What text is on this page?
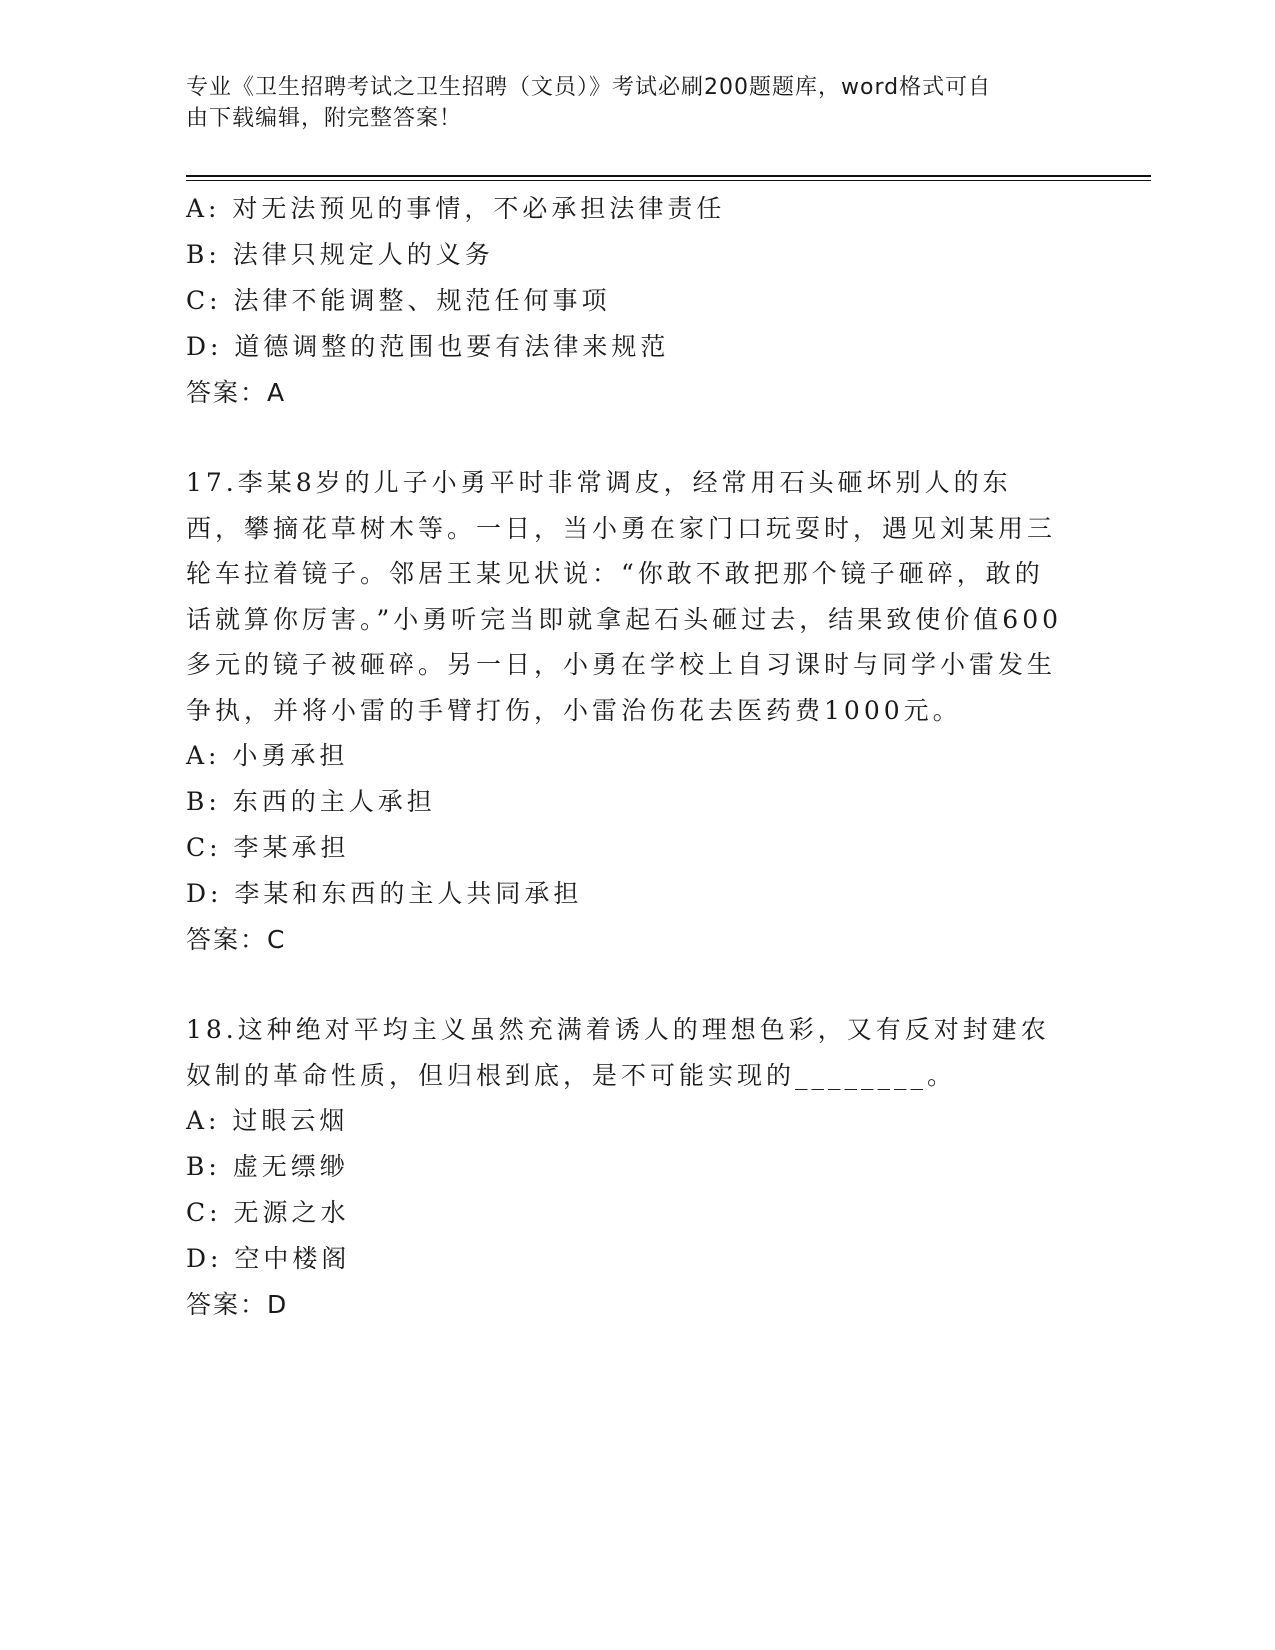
专业《卫生招聘考试之卫生招聘（文员）》考试必刷200题题库，word格式可自
由下载编辑，附完整答案！
A: 对无法预见的事情，不必承担法律责任
B: 法律只规定人的义务
C: 法律不能调整、规范任何事项
D: 道德调整的范围也要有法律来规范
答案：A
17.李某8岁的儿子小勇平时非常调皮，经常用石头砸坏别人的东西，攀摘花草树木等。一日，当小勇在家门口玩耍时，遇见刘某用三轮车拉着镜子。邻居王某见状说：“你敢不敢把那个镜子砸碎，敢的话就算你厉害。”小勇听完当即就拿起石头砸过去，结果致使价值600多元的镜子被砸碎。另一日，小勇在学校上自习课时与同学小雷发生争执，并将小雷的手臂打伤，小雷治伤花去医药费1000元。
A: 小勇承担
B: 东西的主人承担
C: 李某承担
D: 李某和东西的主人共同承担
答案：C
18.这种绝对平均主义虽然充满着诱人的理想色彩，又有反对封建农奴制的革命性质，但归根到底，是不可能实现的________。
A: 过眼云烟
B: 虚无缥缈
C: 无源之水
D: 空中楼阁
答案：D
